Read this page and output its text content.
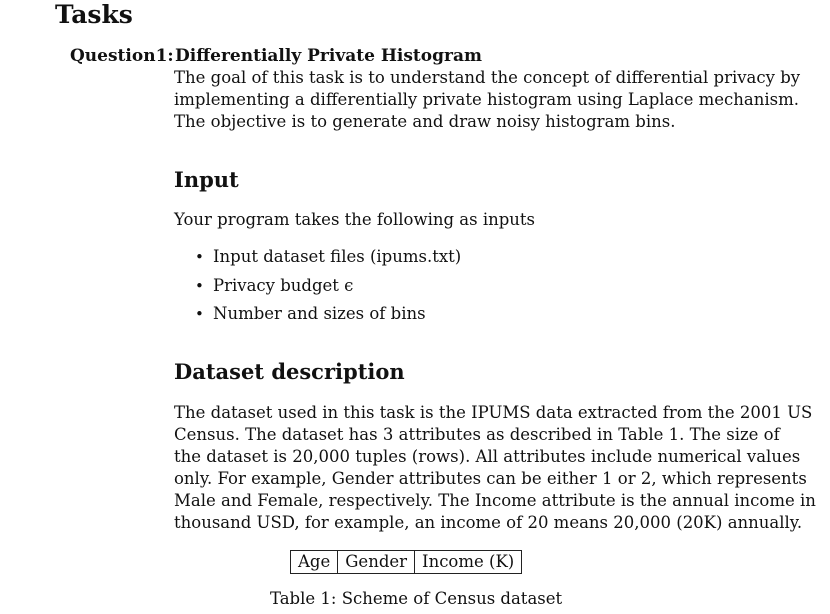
Tasks
Question1: Differentially Private Histogram
The goal of this task is to understand the concept of differential privacy by
implementing a differentially private histogram using Laplace mechanism.
The objective is to generate and draw noisy histogram bins.
Input
Your program takes the following as inputs
• Input dataset files (ipums.txt)
• Privacy budget ϵ
• Number and sizes of bins
Dataset description
The dataset used in this task is the IPUMS data extracted from the 2001 US
Census. The dataset has 3 attributes as described in Table 1. The size of
the dataset is 20,000 tuples (rows). All attributes include numerical values
only. For example, Gender attributes can be either 1 or 2, which represents
Male and Female, respectively. The Income attribute is the annual income in
thousand USD, for example, an income of 20 means 20,000 (20K) annually.
Age	Gender	Income (K)
Table 1: Scheme of Census dataset
